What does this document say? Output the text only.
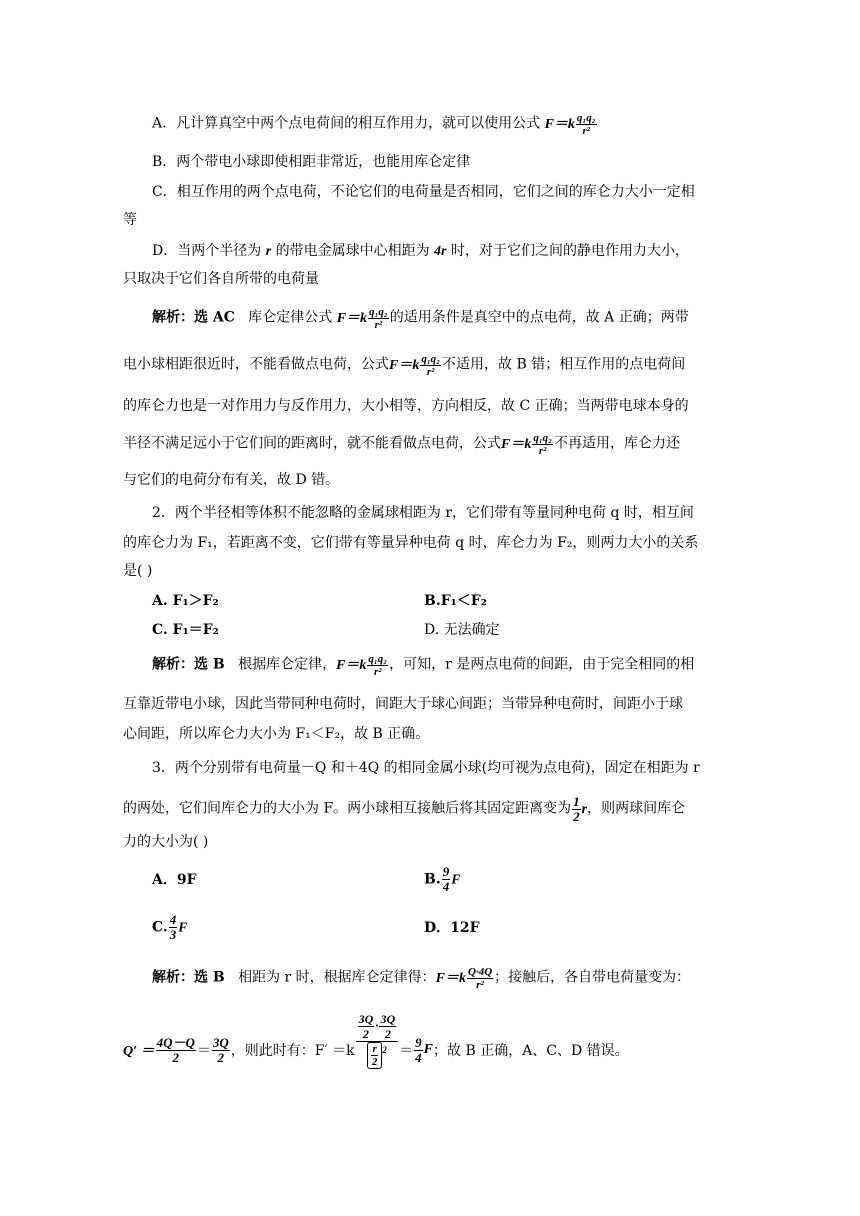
A．凡计算真空中两个点电荷间的相互作用力，就可以使用公式 $F=k \frac{\text{q₁q₂}}{\text{r²}}$
B．两个带电小球即使相距非常近，也能用库仑定律
C．相互作用的两个点电荷，不论它们的电荷量是否相同，它们之间的库仑力大小一定相
等
D．当两个半径为 r 的带电金属球中心相距为 4r 时，对于它们之间的静电作用力大小，
只取决于它们各自所带的电荷量
解析：选 AC 库仑定律公式 $F=k \frac{\text{q₁q₂}}{\text{r²}}$ 的适用条件是真空中的点电荷，故 A 正确；两带
电小球相距很近时，不能看做点电荷，公式$F=k \frac{\text{q₁q₂}}{\text{r²}}$ 不适用，故 B 错；相互作用的点电荷间
的库仑力也是一对作用力与反作用力，大小相等，方向相反，故 C 正确；当两带电球本身的
半径不满足远小于它们间的距离时，就不能看做点电荷，公式$F=k \frac{\text{q₁q₂}}{\text{r²}}$ 不再适用，库仑力还
与它们的电荷分布有关，故 D 错。
2．两个半径相等体积不能忽略的金属球相距为 r，它们带有等量同种电荷 q 时，相互间
的库仑力为 F₁，若距离不变，它们带有等量异种电荷 q 时，库仑力为 F₂，则两力大小的关系
是( )
A. F₁＞F₂	B.F₁＜F₂
C. F₁＝F₂	D. 无法确定
解析：选 B 根据库仑定律，$F=k \frac{\text{q₁q₂}}{\text{r²}}$ ，可知，r 是两点电荷的间距，由于完全相同的相
互靠近带电小球，因此当带同种电荷时，间距大于球心间距；当带异种电荷时，间距小于球
心间距，所以库仑力大小为 F₁＜F₂，故 B 正确。
3．两个分别带有电荷量－Q 和＋4Q 的相同金属小球(均可视为点电荷)，固定在相距为 r
的两处，它们间库仑力的大小为 F。两小球相互接触后将其固定距离变为 $\frac{1}{2}$ r，则两球间库仑
力的大小为( )
A．9F	B. $\frac{9}{4}$ F
C. $\frac{4}{3}$ F	D．12F
解析：选 B 相距为 r 时，根据库仑定律得：$F=k \frac{Q\cdot 4Q}{\text{r²}}$ ；接触后，各自带电荷量变为：
$Q' = \frac{4Q-Q}{2} = \frac{3Q}{2}$ ，则此时有：$F' =k \frac{\frac{3Q}{2} \cdot \frac{3Q}{2}}{\frac{r}{2} ^2} = \frac{9}{4}$ F ；故 B 正确，A、C、D 错误。
